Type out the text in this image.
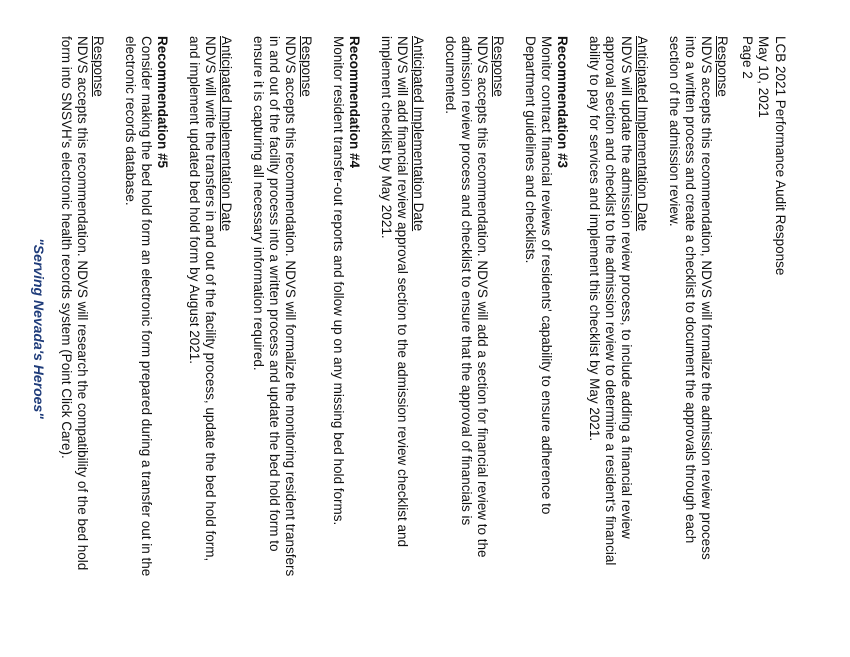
LCB 2021 Performance Audit Response
May 10, 2021
Page 2
Response
NDVS accepts this recommendation, NDVS will formalize the admission review process into a written process and create a checklist to document the approvals through each section of the admission review.
Anticipated Implementation Date
NDVS will update the admission review process, to include adding a financial review approval section and checklist to the admission review to determine a resident's financial ability to pay for services and implement this checklist by May 2021.
Recommendation #3
Monitor contract financial reviews of residents' capability to ensure adherence to Department guidelines and checklists.
Response
NDVS accepts this recommendation. NDVS will add a section for financial review to the admission review process and checklist to ensure that the approval of financials is documented.
Anticipated Implementation Date
NDVS will add financial review approval section to the admission review checklist and implement checklist by May 2021.
Recommendation #4
Monitor resident transfer-out reports and follow up on any missing bed hold forms.
Response
NDVS accepts this recommendation. NDVS will formalize the monitoring resident transfers in and out of the facility process into a written process and update the bed hold form to ensure it is capturing all necessary information required.
Anticipated Implementation Date
NDVS will write the transfers in and out of the facility process, update the bed hold form, and implement updated bed hold form by August 2021.
Recommendation #5
Consider making the bed hold form an electronic form prepared during a transfer out in the electronic records database.
Response
NDVS accepts this recommendation. NDVS will research the compatibility of the bed hold form into SNSVH's electronic health records system (Point Click Care).
"Serving Nevada's Heroes"
